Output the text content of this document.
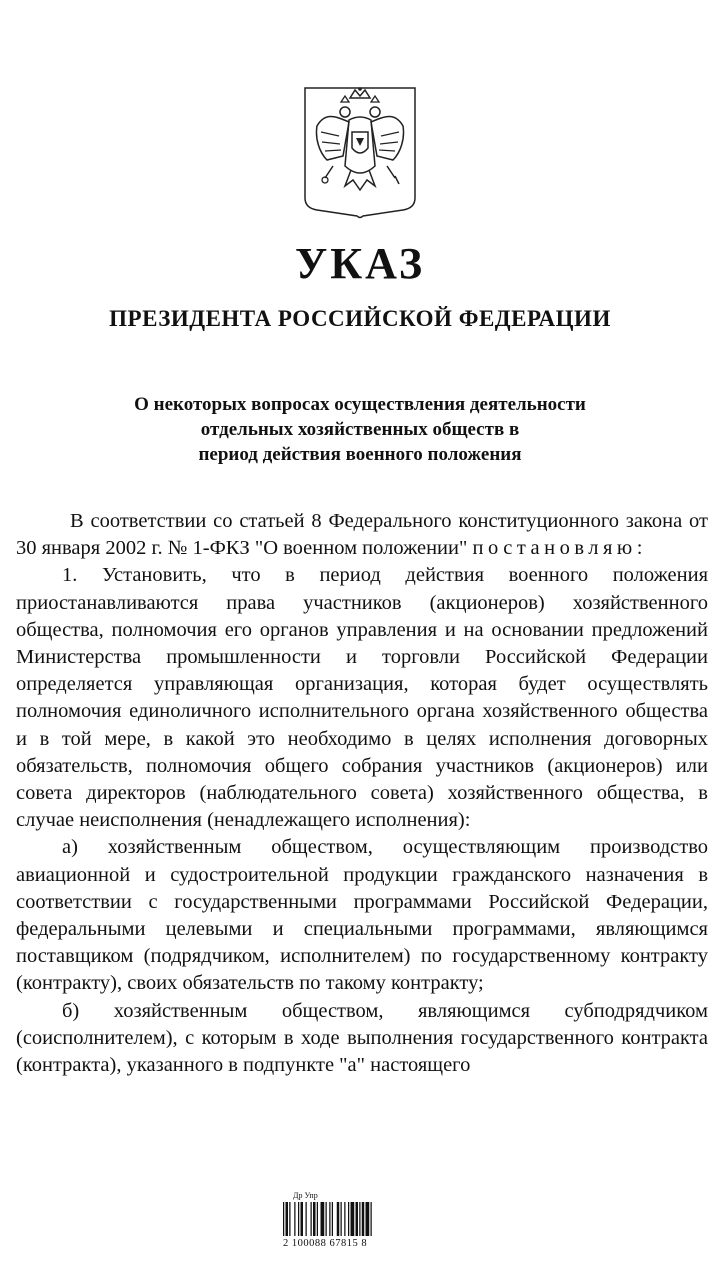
УКАЗ
ПРЕЗИДЕНТА РОССИЙСКОЙ ФЕДЕРАЦИИ
О некоторых вопросах осуществления деятельности
отдельных хозяйственных обществ в
период действия военного положения

В соответствии со статьей 8 Федерального конституционного закона от 30 января 2002 г. № 1-ФКЗ "О военном положении" постановляю:

1. Установить, что в период действия военного положения приостанавливаются права участников (акционеров) хозяйственного общества, полномочия его органов управления и на основании предложений Министерства промышленности и торговли Российской Федерации определяется управляющая организация, которая будет осуществлять полномочия единоличного исполнительного органа хозяйственного общества и в той мере, в какой это необходимо в целях исполнения договорных обязательств, полномочия общего собрания участников (акционеров) или совета директоров (наблюдательного совета) хозяйственного общества, в случае неисполнения (ненадлежащего исполнения):

а) хозяйственным обществом, осуществляющим производство авиационной и судостроительной продукции гражданского назначения в соответствии с государственными программами Российской Федерации, федеральными целевыми и специальными программами, являющимся поставщиком (подрядчиком, исполнителем) по государственному контракту (контракту), своих обязательств по такому контракту;

б) хозяйственным обществом, являющимся субподрядчиком (соисполнителем), с которым в ходе выполнения государственного контракта (контракта), указанного в подпункте "а" настоящего

Др Упр
2 100088 67815 8
